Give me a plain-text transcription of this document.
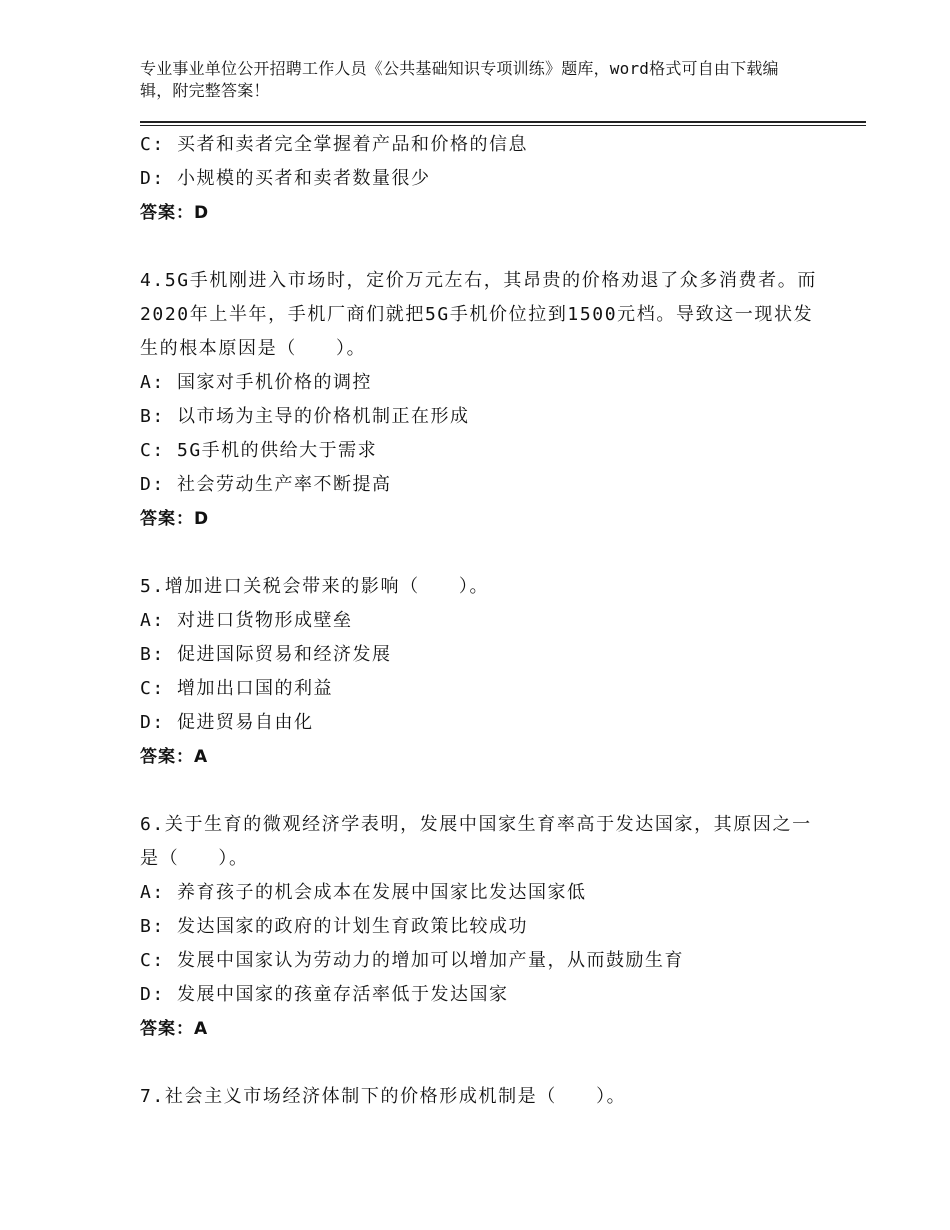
专业事业单位公开招聘工作人员《公共基础知识专项训练》题库，word格式可自由下载编辑，附完整答案！
C: 买者和卖者完全掌握着产品和价格的信息
D: 小规模的买者和卖者数量很少
答案：D
4.5G手机刚进入市场时，定价万元左右，其昂贵的价格劝退了众多消费者。而2020年上半年，手机厂商们就把5G手机价位拉到1500元档。导致这一现状发生的根本原因是（　　）。
A: 国家对手机价格的调控
B: 以市场为主导的价格机制正在形成
C: 5G手机的供给大于需求
D: 社会劳动生产率不断提高
答案：D
5.增加进口关税会带来的影响（　　）。
A: 对进口货物形成壁垒
B: 促进国际贸易和经济发展
C: 增加出口国的利益
D: 促进贸易自由化
答案：A
6.关于生育的微观经济学表明，发展中国家生育率高于发达国家，其原因之一是（　　）。
A: 养育孩子的机会成本在发展中国家比发达国家低
B: 发达国家的政府的计划生育政策比较成功
C: 发展中国家认为劳动力的增加可以增加产量，从而鼓励生育
D: 发展中国家的孩童存活率低于发达国家
答案：A
7.社会主义市场经济体制下的价格形成机制是（　　）。
